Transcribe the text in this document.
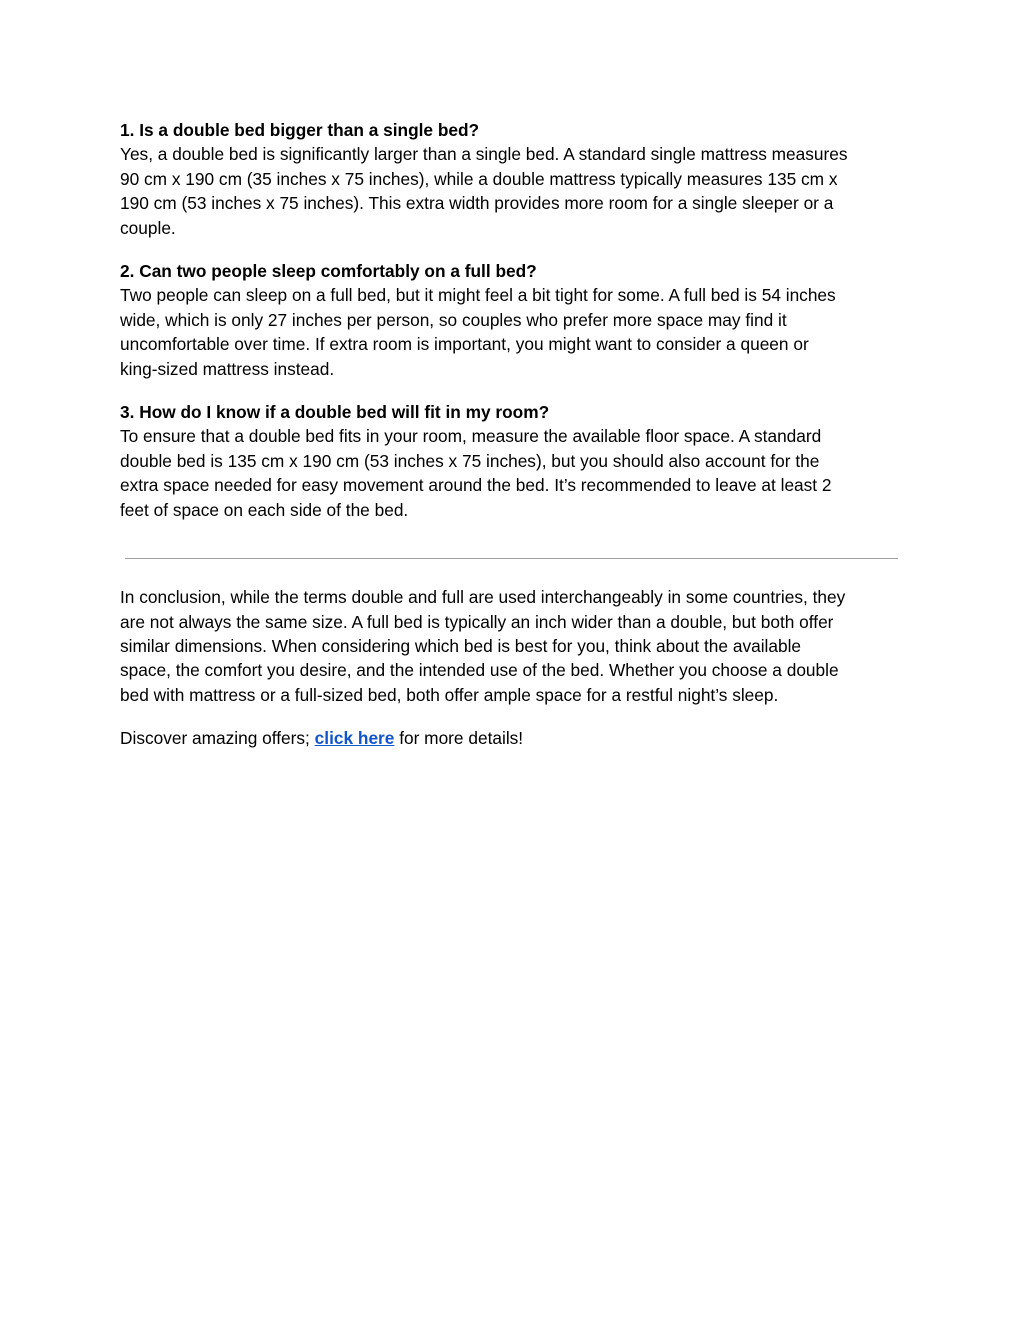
1. Is a double bed bigger than a single bed?

Yes, a double bed is significantly larger than a single bed. A standard single mattress measures
90 cm x 190 cm (35 inches x 75 inches), while a double mattress typically measures 135 cm x
190 cm (53 inches x 75 inches). This extra width provides more room for a single sleeper or a
couple.

2. Can two people sleep comfortably on a full bed?

Two people can sleep on a full bed, but it might feel a bit tight for some. A full bed is 54 inches
wide, which is only 27 inches per person, so couples who prefer more space may find it
uncomfortable over time. If extra room is important, you might want to consider a queen or
king-sized mattress instead.

3. How do I know if a double bed will fit in my room?

To ensure that a double bed fits in your room, measure the available floor space. A standard
double bed is 135 cm x 190 cm (53 inches x 75 inches), but you should also account for the
extra space needed for easy movement around the bed. It’s recommended to leave at least 2
feet of space on each side of the bed.

In conclusion, while the terms double and full are used interchangeably in some countries, they
are not always the same size. A full bed is typically an inch wider than a double, but both offer
similar dimensions. When considering which bed is best for you, think about the available
space, the comfort you desire, and the intended use of the bed. Whether you choose a double
bed with mattress or a full-sized bed, both offer ample space for a restful night’s sleep.

Discover amazing offers; click here for more details!
